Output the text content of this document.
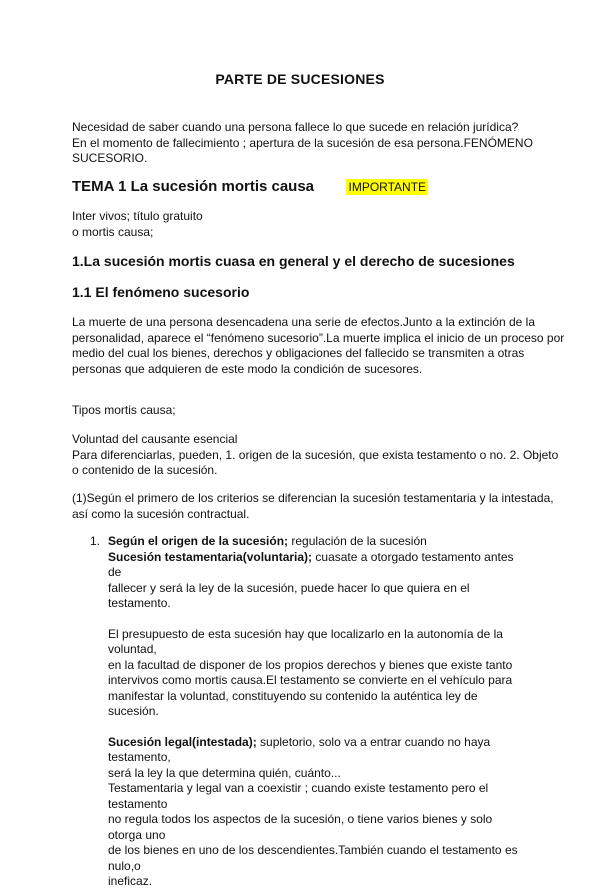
PARTE DE SUCESIONES
Necesidad de saber cuando una persona fallece lo que sucede en relación jurídica?
En el momento de fallecimiento ; apertura de la sucesión de esa persona.FENÓMENO
SUCESORIO.
TEMA 1 La sucesión mortis causa	IMPORTANTE
Inter vivos; título gratuito
o mortis causa;
1.La sucesión mortis cuasa en general y el derecho de sucesiones
1.1 El fenómeno sucesorio
La muerte de una persona desencadena una serie de efectos.Junto a la extinción de la
personalidad, aparece el “fenómeno sucesorio”.La muerte implica el inicio de un proceso por
medio del cual los bienes, derechos y obligaciones del fallecido se transmiten a otras
personas que adquieren de este modo la condición de sucesores.
Tipos mortis causa;
Voluntad del causante esencial
Para diferenciarlas, pueden, 1. origen de la sucesión, que exista testamento o no. 2. Objeto
o contenido de la sucesión.
(1)Según el primero de los criterios se diferencian la sucesión testamentaria y la intestada,
así como la sucesión contractual.
1. Según el origen de la sucesión; regulación de la sucesión
Sucesión testamentaria(voluntaria); cuasate a otorgado testamento antes de
fallecer y será la ley de la sucesión, puede hacer lo que quiera en el testamento.
El presupuesto de esta sucesión hay que localizarlo en la autonomía de la voluntad,
en la facultad de disponer de los propios derechos y bienes que existe tanto
intervivos como mortis causa.El testamento se convierte en el vehículo para
manifestar la voluntad, constituyendo su contenido la auténtica ley de sucesión.
Sucesión legal(intestada); supletorio, solo va a entrar cuando no haya testamento,
será la ley la que determina quién, cuánto...
Testamentaria y legal van a coexistir ; cuando existe testamento pero el testamento
no regula todos los aspectos de la sucesión, o tiene varios bienes y solo otorga uno
de los bienes en uno de los descendientes.También cuando el testamento es nulo,o
ineficaz.
